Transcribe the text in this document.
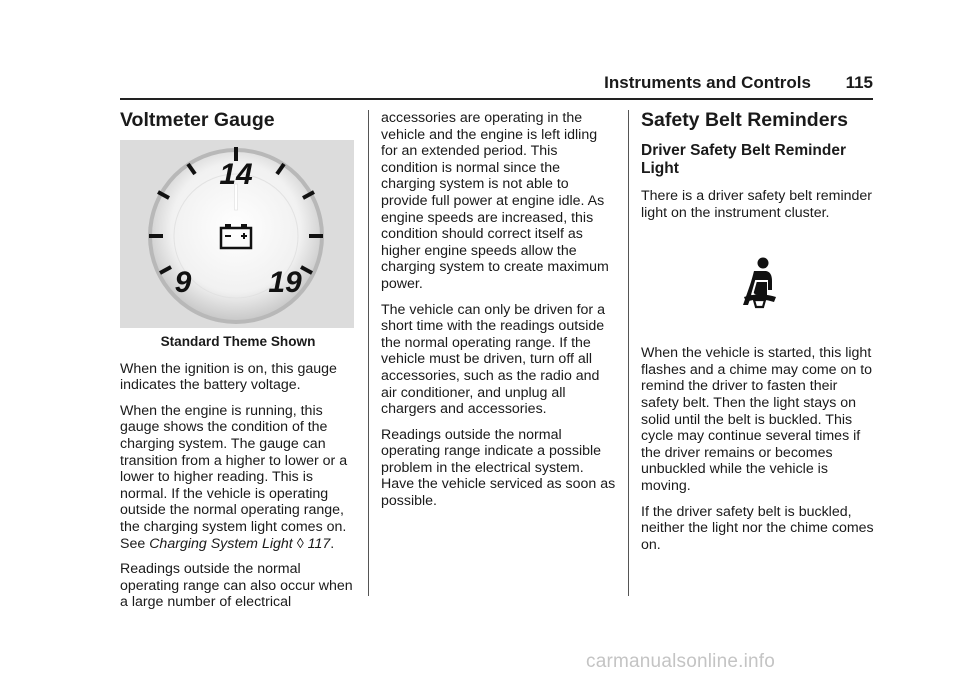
Instruments and Controls 115
Voltmeter Gauge
14
9	19
Standard Theme Shown

When the ignition is on, this gauge indicates the battery voltage.

When the engine is running, this gauge shows the condition of the charging system. The gauge can transition from a higher to lower or a lower to higher reading. This is normal. If the vehicle is operating outside the normal operating range, the charging system light comes on. See Charging System Light ◊ 117.

Readings outside the normal operating range can also occur when a large number of electrical

accessories are operating in the vehicle and the engine is left idling for an extended period. This condition is normal since the charging system is not able to provide full power at engine idle. As engine speeds are increased, this condition should correct itself as higher engine speeds allow the charging system to create maximum power.

The vehicle can only be driven for a short time with the readings outside the normal operating range. If the vehicle must be driven, turn off all accessories, such as the radio and air conditioner, and unplug all chargers and accessories.

Readings outside the normal operating range indicate a possible problem in the electrical system. Have the vehicle serviced as soon as possible.

Safety Belt Reminders
Driver Safety Belt Reminder Light

There is a driver safety belt reminder light on the instrument cluster.

When the vehicle is started, this light flashes and a chime may come on to remind the driver to fasten their safety belt. Then the light stays on solid until the belt is buckled. This cycle may continue several times if the driver remains or becomes unbuckled while the vehicle is moving.

If the driver safety belt is buckled, neither the light nor the chime comes on.

carmanualsonline.info
